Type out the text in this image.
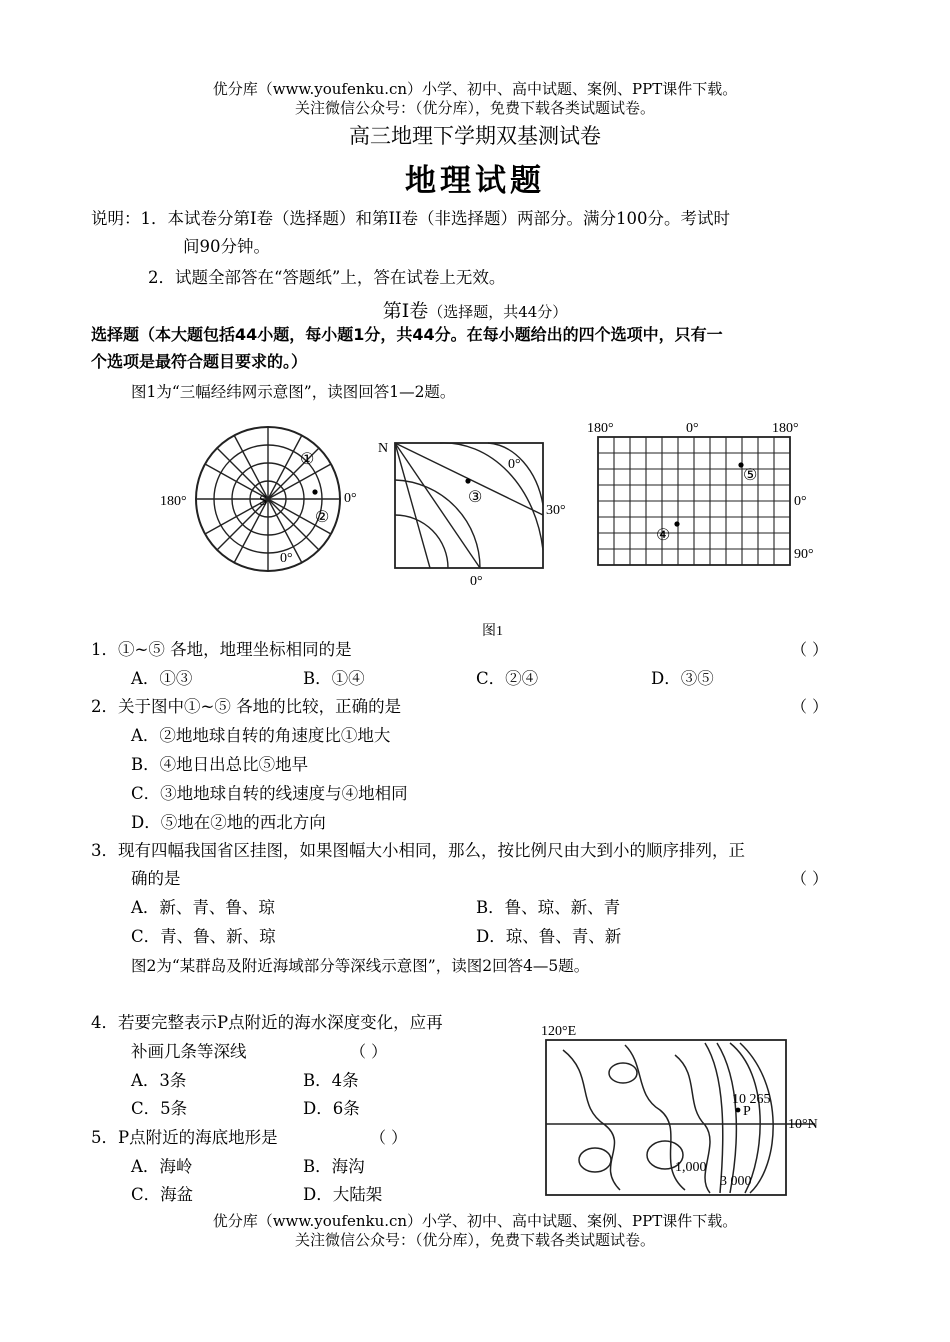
优分库（www.youfenku.cn）小学、初中、高中试题、案例、PPT课件下载。
关注微信公众号：（优分库），免费下载各类试题试卷。
高三地理下学期双基测试卷
地理试题
说明：1．本试卷分第Ⅰ卷（选择题）和第II卷（非选择题）两部分。满分100分。考试时
间90分钟。
2．试题全部答在“答题纸”上，答在试卷上无效。
第Ⅰ卷（选择题，共44分）
选择题（本大题包括44小题，每小题1分，共44分。在每小题给出的四个选项中，只有一
个选项是最符合题目要求的。）
图1为“三幅经纬网示意图”，读图回答1—2题。
S
180°	0°
0°
①
②
N
0°
30°
0°
③
180°	0°	180°
0°
90°
④
⑤
图1
1．①~⑤ 各地，地理坐标相同的是	（ ）
A．①③	B．①④	C．②④	D．③⑤
2．关于图中①~⑤ 各地的比较，正确的是	（ ）
A．②地地球自转的角速度比①地大
B．④地日出总比⑤地早
C．③地地球自转的线速度与④地相同
D．⑤地在②地的西北方向
3．现有四幅我国省区挂图，如果图幅大小相同，那么，按比例尺由大到小的顺序排列，正
确的是	（ ）
A．新、青、鲁、琼	B．鲁、琼、新、青
C．青、鲁、新、琼	D．琼、鲁、青、新
图2为“某群岛及附近海域部分等深线示意图”，读图2回答4—5题。
4．若要完整表示P点附近的海水深度变化，应再
补画几条等深线	（ ）
A．3条	B．4条
C．5条	D．6条
5．P点附近的海底地形是	（ ）
A．海岭	B．海沟
C．海盆	D．大陆架
120°E
10°N
10 265
P
1,000
3 000
优分库（www.youfenku.cn）小学、初中、高中试题、案例、PPT课件下载。
关注微信公众号：（优分库），免费下载各类试题试卷。
